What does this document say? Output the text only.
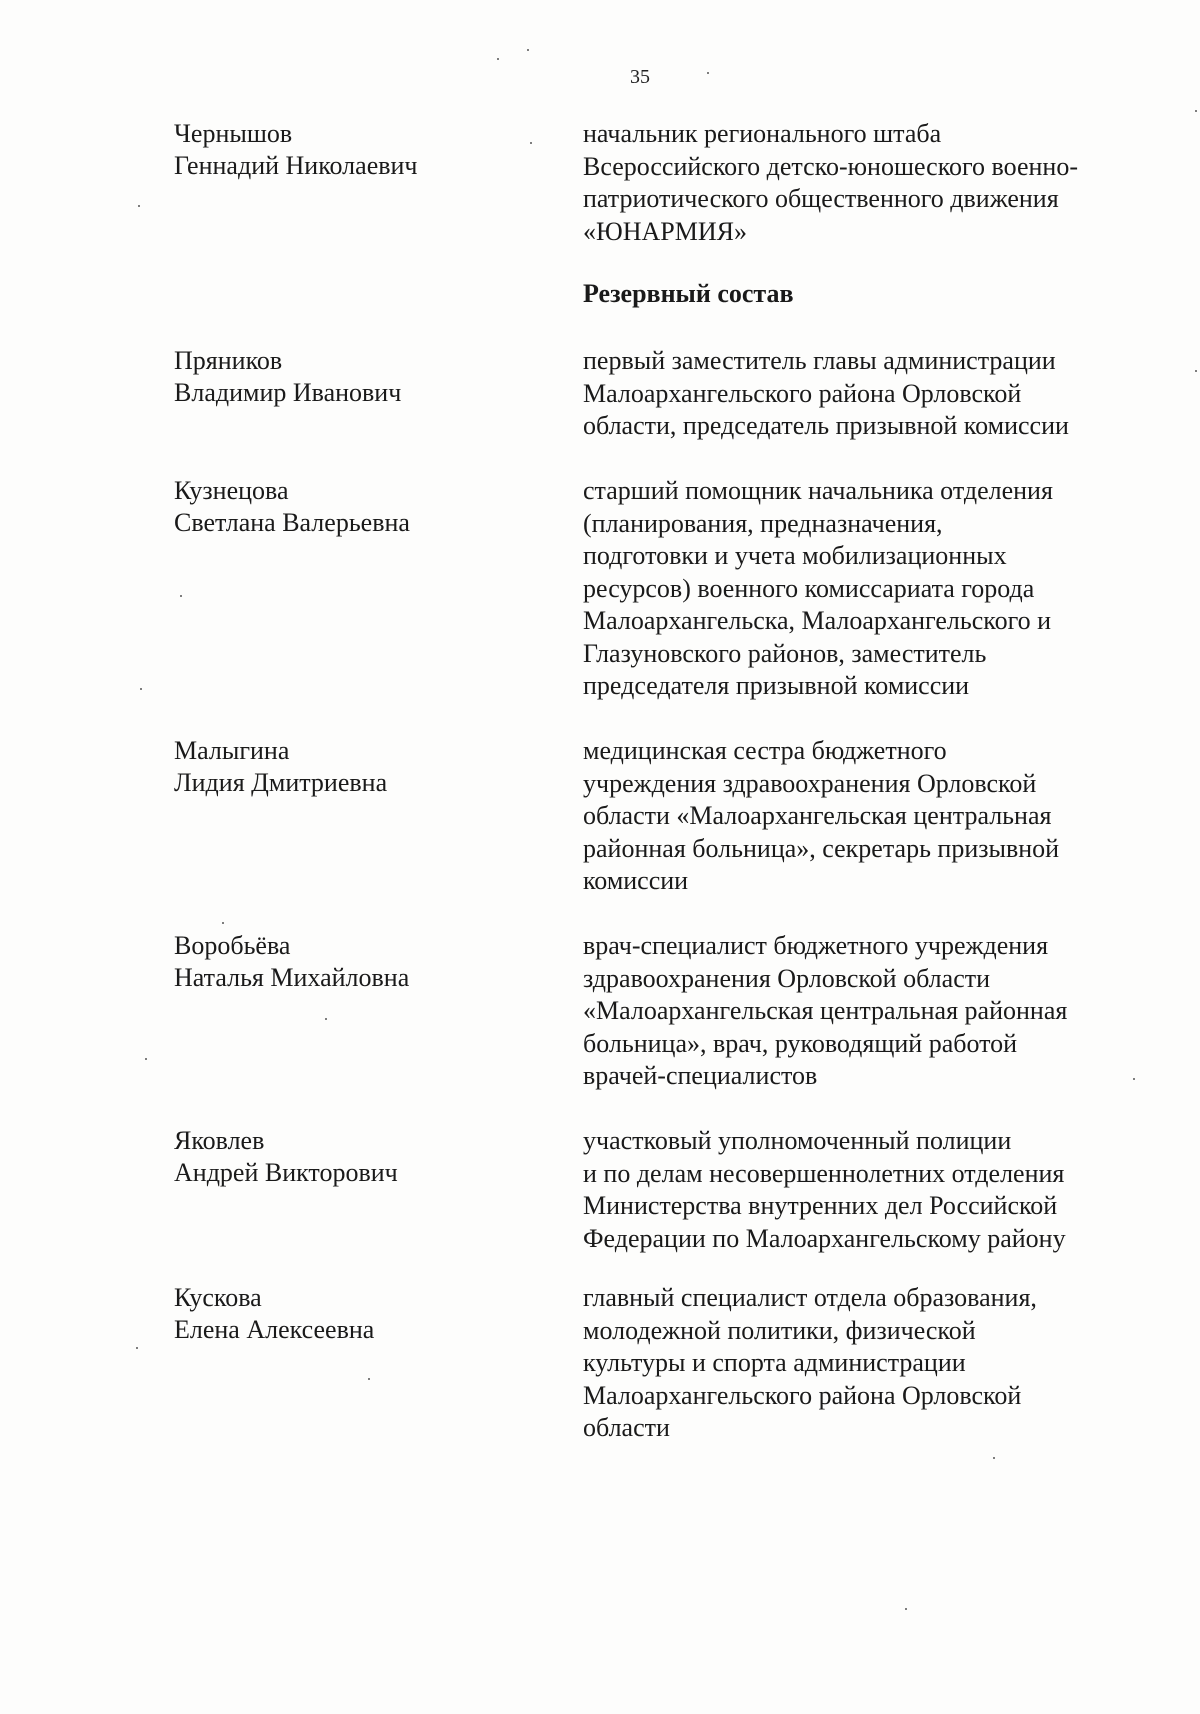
35
Чернышов
Геннадий Николаевич
начальник регионального штаба
Всероссийского детско-юношеского военно-
патриотического общественного движения
«ЮНАРМИЯ»
Резервный состав
Пряников
Владимир Иванович
первый заместитель главы администрации
Малоархангельского района Орловской
области, председатель призывной комиссии
Кузнецова
Светлана Валерьевна
старший помощник начальника отделения
(планирования, предназначения,
подготовки и учета мобилизационных
ресурсов) военного комиссариата города
Малоархангельска, Малоархангельского и
Глазуновского районов, заместитель
председателя призывной комиссии
Малыгина
Лидия Дмитриевна
медицинская сестра бюджетного
учреждения здравоохранения Орловской
области «Малоархангельская центральная
районная больница», секретарь призывной
комиссии
Воробьёва
Наталья Михайловна
врач-специалист бюджетного учреждения
здравоохранения Орловской области
«Малоархангельская центральная районная
больница», врач, руководящий работой
врачей-специалистов
Яковлев
Андрей Викторович
участковый уполномоченный полиции
и по делам несовершеннолетних отделения
Министерства внутренних дел Российской
Федерации по Малоархангельскому району
Кускова
Елена Алексеевна
главный специалист отдела образования,
молодежной политики, физической
культуры и спорта администрации
Малоархангельского района Орловской
области
